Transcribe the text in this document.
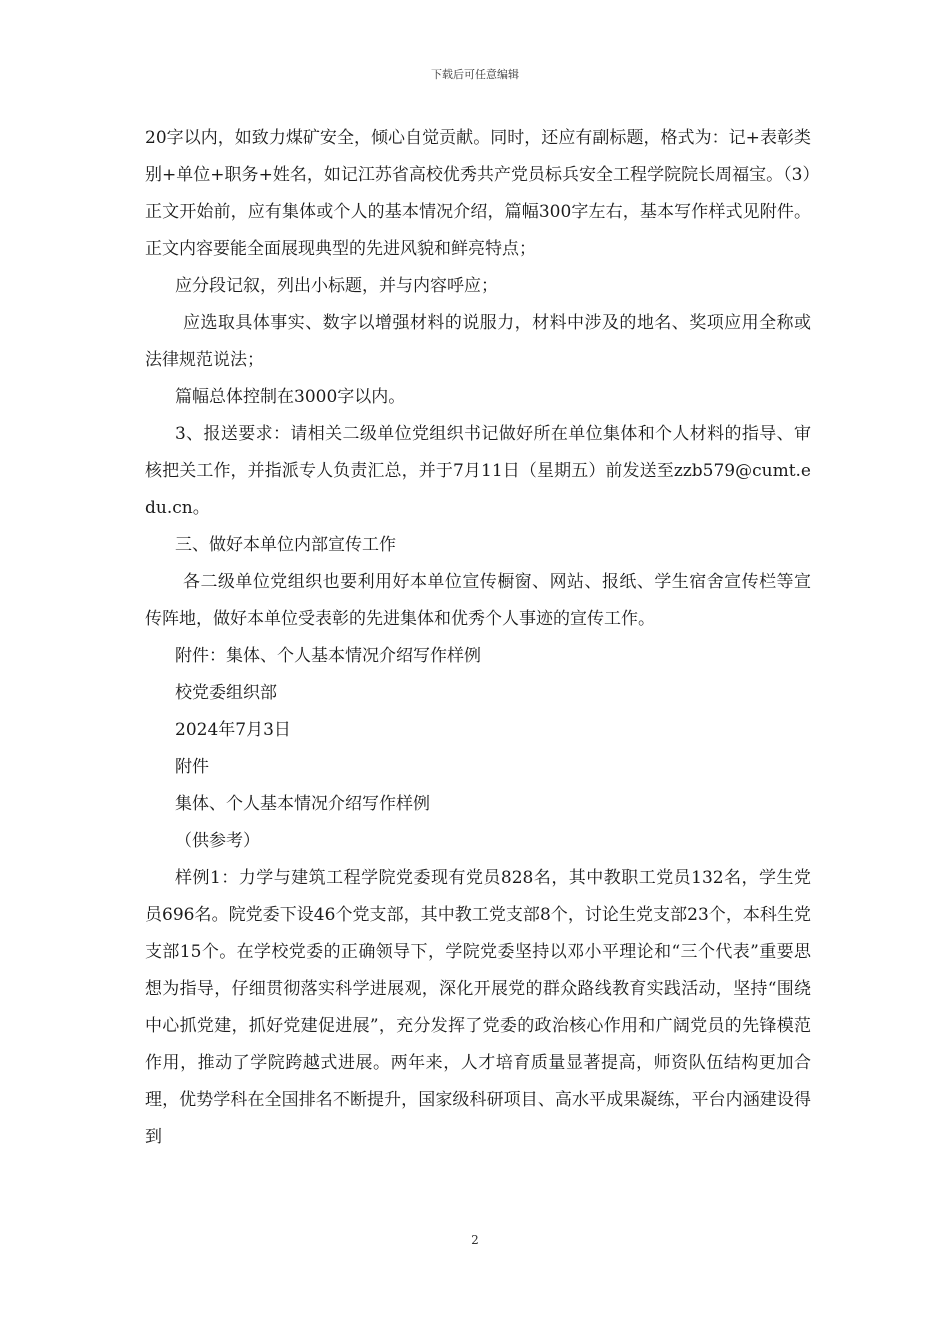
下载后可任意编辑

20字以内，如致力煤矿安全，倾心自觉贡献。同时，还应有副标题，格式为：记+表彰类别+单位+职务+姓名，如记江苏省高校优秀共产党员标兵安全工程学院院长周福宝。（3）正文开始前，应有集体或个人的基本情况介绍，篇幅300字左右，基本写作样式见附件。正文内容要能全面展现典型的先进风貌和鲜亮特点；

应分段记叙，列出小标题，并与内容呼应；

应选取具体事实、数字以增强材料的说服力，材料中涉及的地名、奖项应用全称或法律规范说法；

篇幅总体控制在3000字以内。

3、报送要求：请相关二级单位党组织书记做好所在单位集体和个人材料的指导、审核把关工作，并指派专人负责汇总，并于7月11日（星期五）前发送至zzb579@cumt.edu.cn。

三、做好本单位内部宣传工作

各二级单位党组织也要利用好本单位宣传橱窗、网站、报纸、学生宿舍宣传栏等宣传阵地，做好本单位受表彰的先进集体和优秀个人事迹的宣传工作。

附件：集体、个人基本情况介绍写作样例

校党委组织部

2024年7月3日

附件

集体、个人基本情况介绍写作样例

（供参考）

样例1：力学与建筑工程学院党委现有党员828名，其中教职工党员132名，学生党员696名。院党委下设46个党支部，其中教工党支部8个，讨论生党支部23个，本科生党支部15个。在学校党委的正确领导下，学院党委坚持以邓小平理论和“三个代表”重要思想为指导，仔细贯彻落实科学进展观，深化开展党的群众路线教育实践活动，坚持“围绕中心抓党建，抓好党建促进展”，充分发挥了党委的政治核心作用和广阔党员的先锋模范作用，推动了学院跨越式进展。两年来，人才培育质量显著提高，师资队伍结构更加合理，优势学科在全国排名不断提升，国家级科研项目、高水平成果凝练，平台内涵建设得到

2
